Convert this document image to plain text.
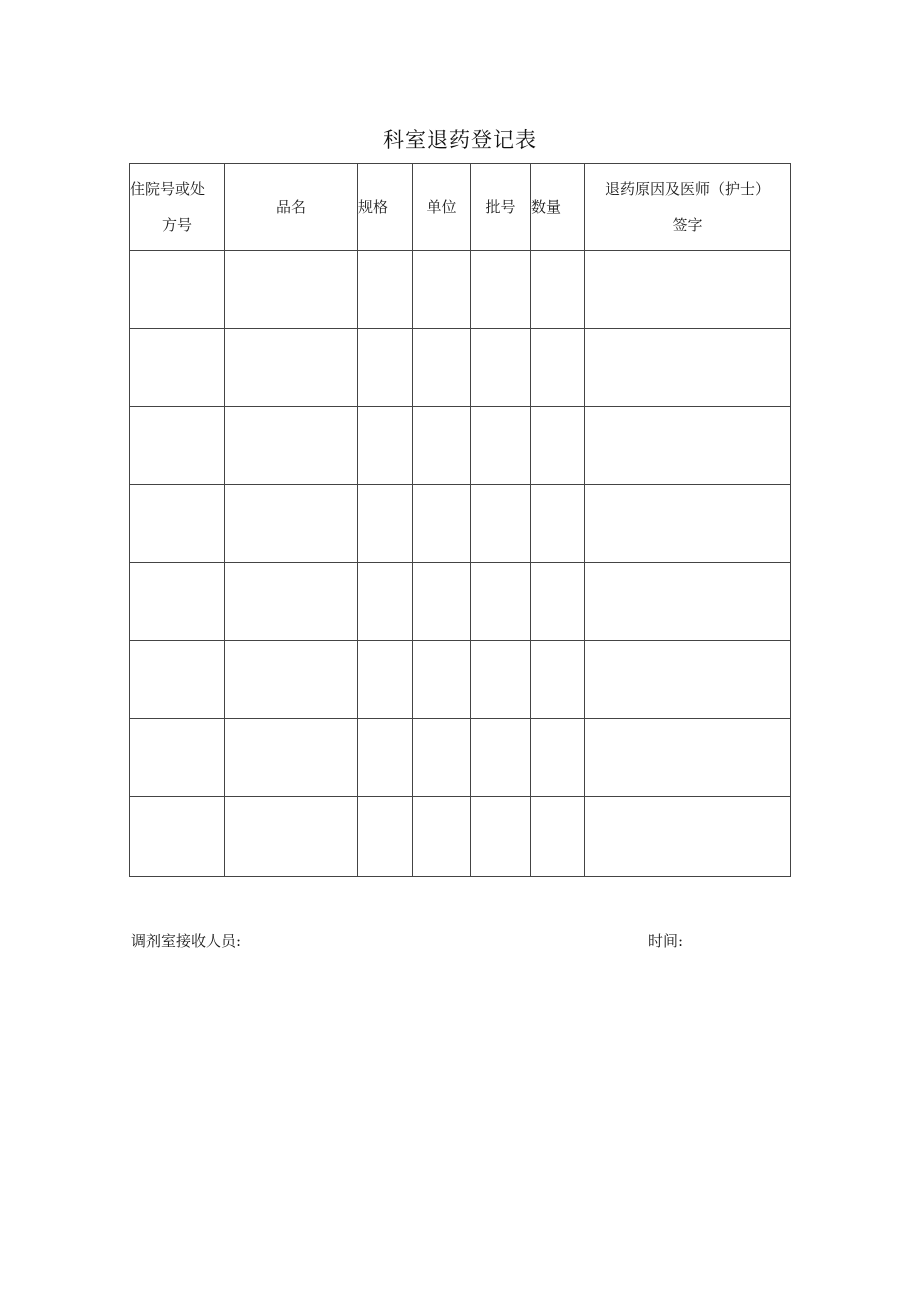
科室退药登记表
住院号或处
方号	品名	规格	单位	批号	数量	退药原因及医师（护士）
签字

调剂室接收人员:	时间:
